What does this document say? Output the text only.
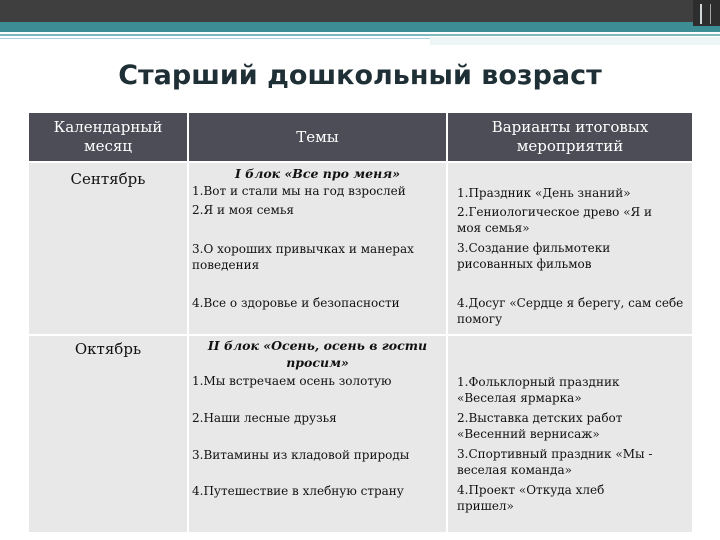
Старший дошкольный возраст
Календарный месяц
Темы
Варианты итоговых мероприятий
Сентябрь	I блок «Все про меня»
1.Вот и стали мы на год взрослей
2.Я и моя семья
3.О хороших привычках и манерах поведения
4.Все о здоровье и безопасности
1.Праздник «День знаний»
2.Гениологическое древо «Я и моя семья»
3.Создание фильмотеки рисованных фильмов
4.Досуг «Сердце я берегу, сам себе помогу
Октябрь	II блок «Осень, осень в гости просим»
1.Мы встречаем осень золотую
2.Наши лесные друзья
3.Витамины из кладовой природы
4.Путешествие в хлебную страну
1.Фольклорный праздник «Веселая ярмарка»
2.Выставка детских работ «Весенний вернисаж»
3.Спортивный праздник «Мы - веселая команда»
4.Проект «Откуда хлеб пришел»
